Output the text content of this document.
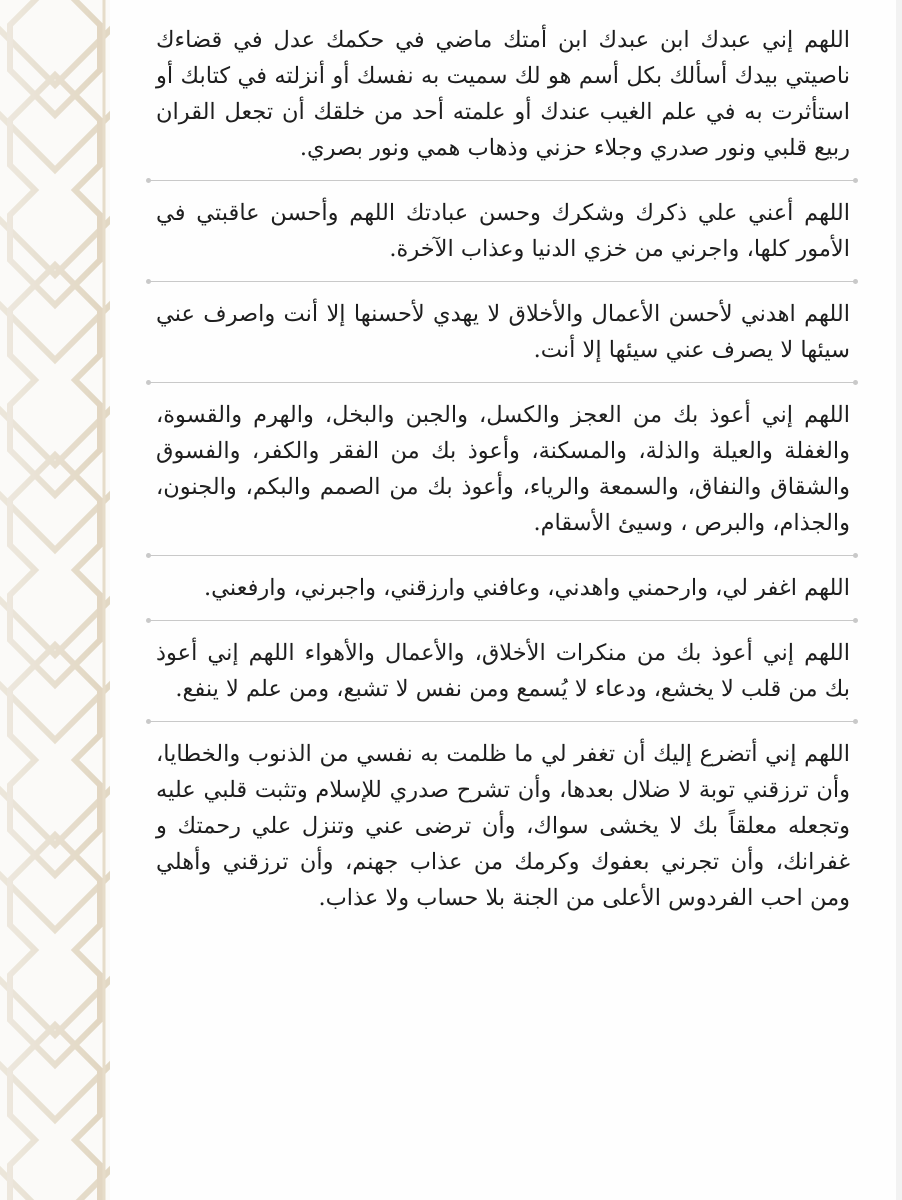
اللهم إني عبدك ابن عبدك ابن أمتك ماضي في حكمك عدل في قضاءك ناصيتي بيدك أسألك بكل أسم هو لك سميت به نفسك أو أنزلته في كتابك أو استأثرت به في علم الغيب عندك أو علمته أحد من خلقك أن تجعل القران ربيع قلبي ونور صدري وجلاء حزني وذهاب همي ونور بصري.

اللهم أعني علي ذكرك وشكرك وحسن عبادتك اللهم وأحسن عاقبتي في الأمور كلها، واجرني من خزي الدنيا وعذاب الآخرة.

اللهم اهدني لأحسن الأعمال والأخلاق لا يهدي لأحسنها إلا أنت واصرف عني سيئها لا يصرف عني سيئها إلا أنت.

اللهم إني أعوذ بك من العجز والكسل، والجبن والبخل، والهرم والقسوة، والغفلة والعيلة والذلة، والمسكنة، وأعوذ بك من الفقر والكفر، والفسوق والشقاق والنفاق، والسمعة والرياء، وأعوذ بك من الصمم والبكم، والجنون، والجذام، والبرص ، وسيئ الأسقام.

اللهم اغفر لي، وارحمني واهدني، وعافني وارزقني، واجبرني، وارفعني.

اللهم إني أعوذ بك من منكرات الأخلاق، والأعمال والأهواء اللهم إني أعوذ بك من قلب لا يخشع، ودعاء لا يُسمع ومن نفس لا تشبع، ومن علم لا ينفع.

اللهم إني أتضرع إليك أن تغفر لي ما ظلمت به نفسي من الذنوب والخطايا، وأن ترزقني توبة لا ضلال بعدها، وأن تشرح صدري للإسلام وتثبت قلبي عليه وتجعله معلقاً بك لا يخشى سواك، وأن ترضى عني وتنزل علي رحمتك و غفرانك، وأن تجرني بعفوك وكرمك من عذاب جهنم، وأن ترزقني وأهلي ومن احب الفردوس الأعلى من الجنة بلا حساب ولا عذاب.
